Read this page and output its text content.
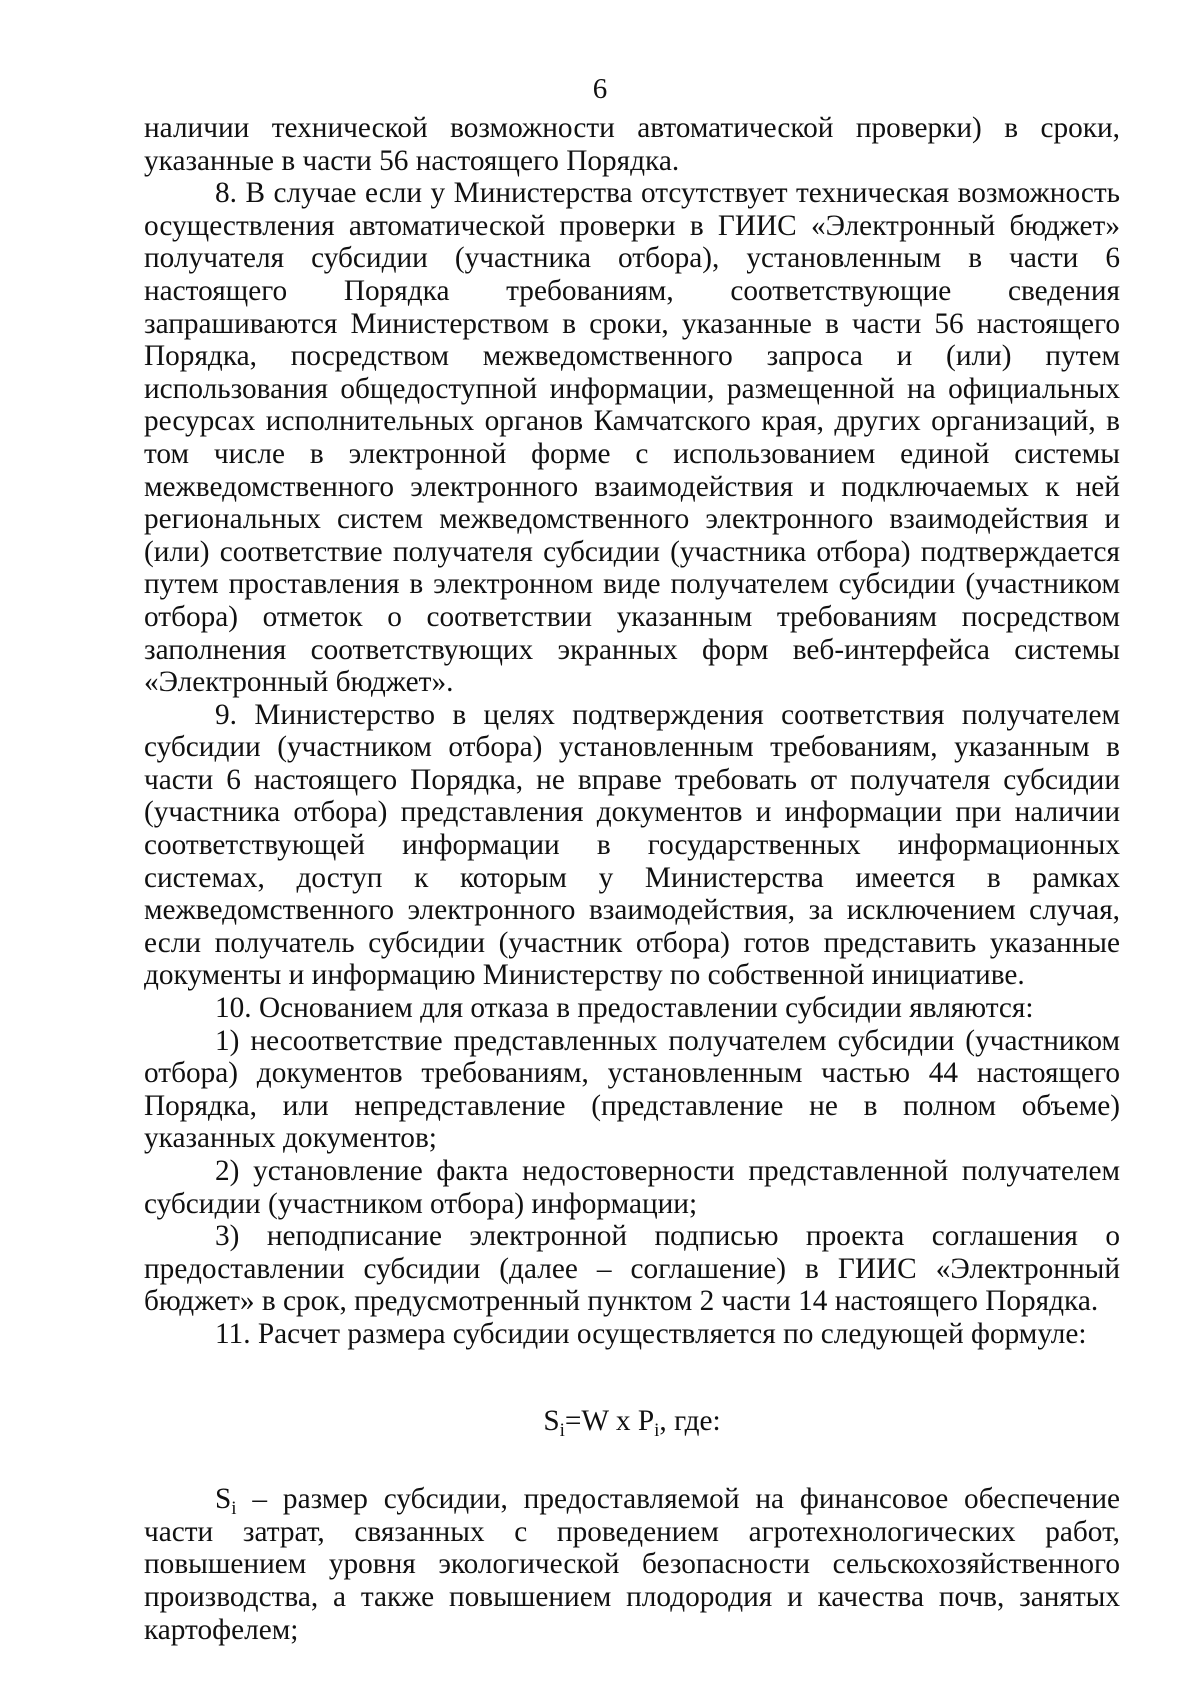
6

наличии технической возможности автоматической проверки) в сроки, указанные в части 56 настоящего Порядка.

8. В случае если у Министерства отсутствует техническая возможность осуществления автоматической проверки в ГИИС «Электронный бюджет» получателя субсидии (участника отбора), установленным в части 6 настоящего Порядка требованиям, соответствующие сведения запрашиваются Министерством в сроки, указанные в части 56 настоящего Порядка, посредством межведомственного запроса и (или) путем использования общедоступной информации, размещенной на официальных ресурсах исполнительных органов Камчатского края, других организаций, в том числе в электронной форме с использованием единой системы межведомственного электронного взаимодействия и подключаемых к ней региональных систем межведомственного электронного взаимодействия и (или) соответствие получателя субсидии (участника отбора) подтверждается путем проставления в электронном виде получателем субсидии (участником отбора) отметок о соответствии указанным требованиям посредством заполнения соответствующих экранных форм веб-интерфейса системы «Электронный бюджет».

9. Министерство в целях подтверждения соответствия получателем субсидии (участником отбора) установленным требованиям, указанным в части 6 настоящего Порядка, не вправе требовать от получателя субсидии (участника отбора) представления документов и информации при наличии соответствующей информации в государственных информационных системах, доступ к которым у Министерства имеется в рамках межведомственного электронного взаимодействия, за исключением случая, если получатель субсидии (участник отбора) готов представить указанные документы и информацию Министерству по собственной инициативе.

10. Основанием для отказа в предоставлении субсидии являются:

1) несоответствие представленных получателем субсидии (участником отбора) документов требованиям, установленным частью 44 настоящего Порядка, или непредставление (представление не в полном объеме) указанных документов;

2) установление факта недостоверности представленной получателем субсидии (участником отбора) информации;

3) неподписание электронной подписью проекта соглашения о предоставлении субсидии (далее – соглашение) в ГИИС «Электронный бюджет» в срок, предусмотренный пунктом 2 части 14 настоящего Порядка.

11. Расчет размера субсидии осуществляется по следующей формуле:

$S_i=W$ x $P_i$, где:

$S_i$ – размер субсидии, предоставляемой на финансовое обеспечение части затрат, связанных с проведением агротехнологических работ, повышением уровня экологической безопасности сельскохозяйственного производства, а также повышением плодородия и качества почв, занятых картофелем;
